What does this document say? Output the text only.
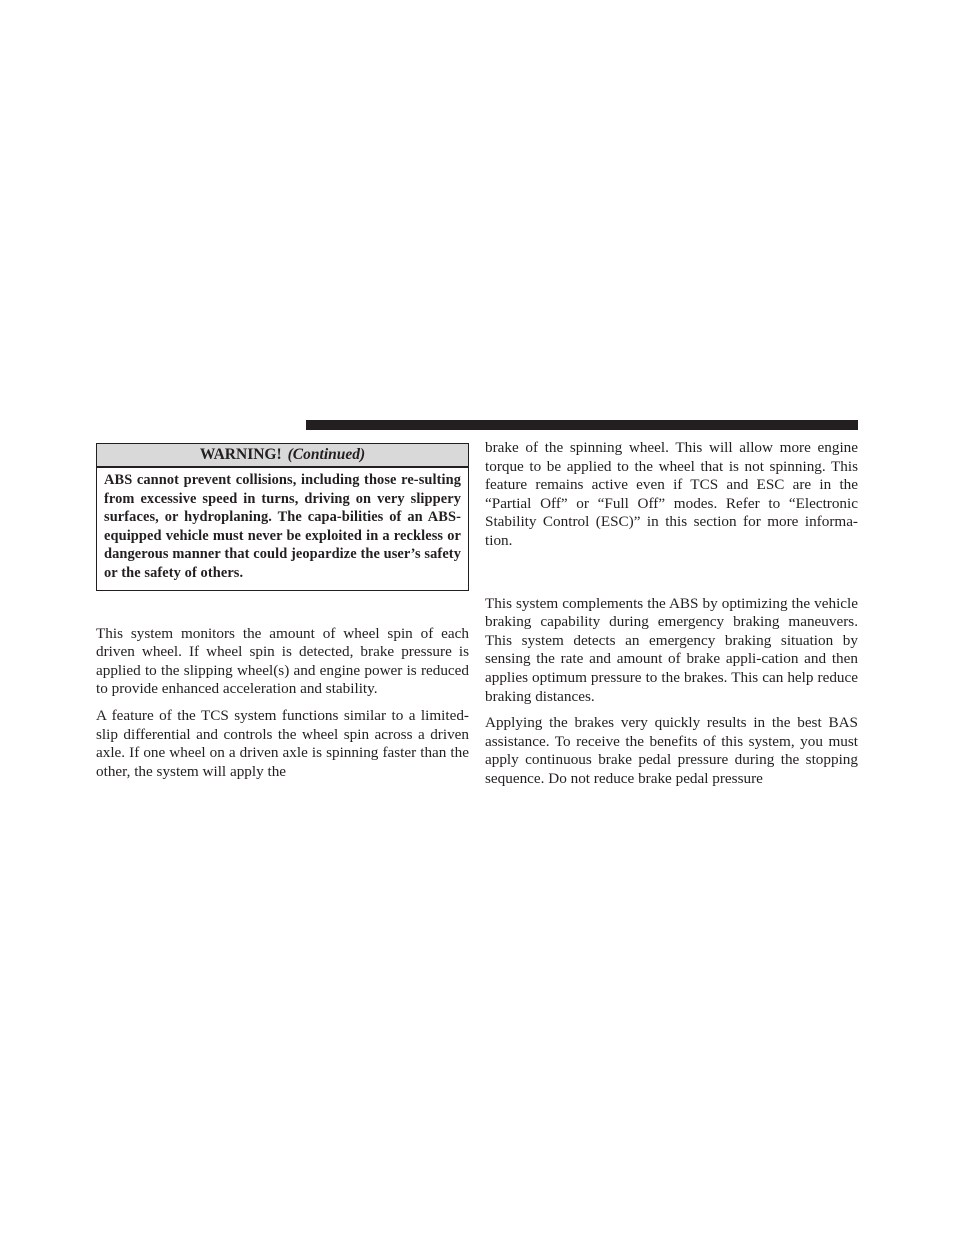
WARNING! (Continued)
ABS cannot prevent collisions, including those re-sulting from excessive speed in turns, driving on very slippery surfaces, or hydroplaning. The capa-bilities of an ABS-equipped vehicle must never be exploited in a reckless or dangerous manner that could jeopardize the user’s safety or the safety of others.

This system monitors the amount of wheel spin of each driven wheel. If wheel spin is detected, brake pressure is applied to the slipping wheel(s) and engine power is reduced to provide enhanced acceleration and stability.

A feature of the TCS system functions similar to a limited-slip differential and controls the wheel spin across a driven axle. If one wheel on a driven axle is spinning faster than the other, the system will apply the

brake of the spinning wheel. This will allow more engine torque to be applied to the wheel that is not spinning. This feature remains active even if TCS and ESC are in the “Partial Off” or “Full Off” modes. Refer to “Electronic Stability Control (ESC)” in this section for more informa-tion.

This system complements the ABS by optimizing the vehicle braking capability during emergency braking maneuvers. This system detects an emergency braking situation by sensing the rate and amount of brake appli-cation and then applies optimum pressure to the brakes. This can help reduce braking distances.

Applying the brakes very quickly results in the best BAS assistance. To receive the benefits of this system, you must apply continuous brake pedal pressure during the stopping sequence. Do not reduce brake pedal pressure
